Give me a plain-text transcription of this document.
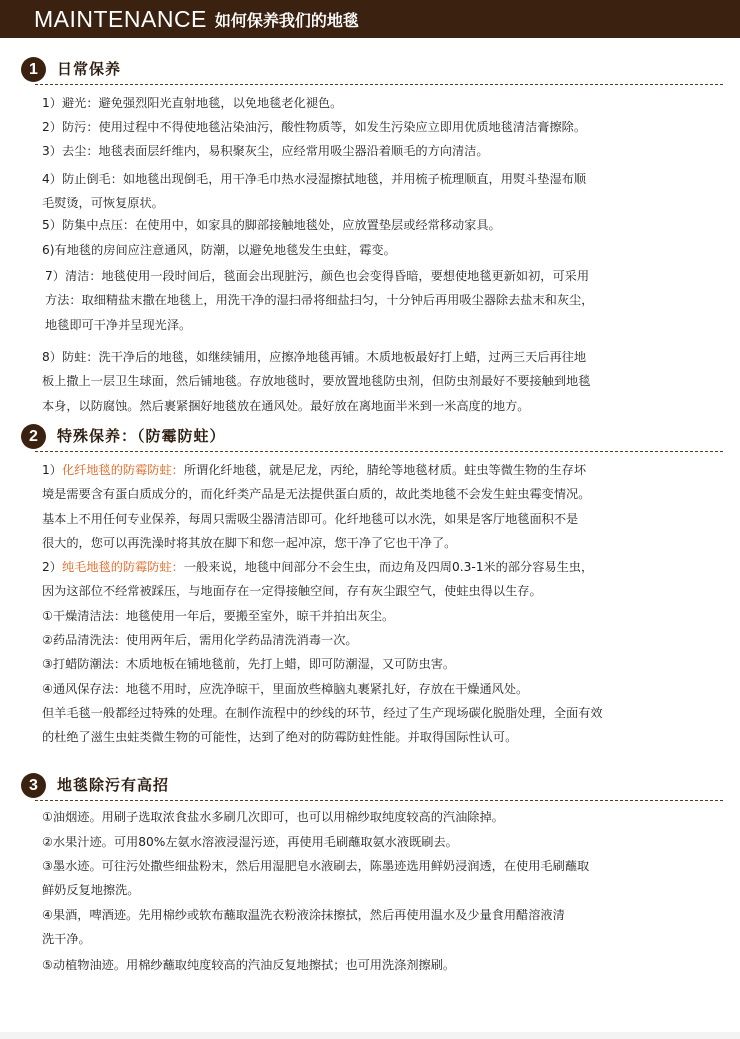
MAINTENANCE 如何保养我们的地毯
1	日常保养
1）避光：避免强烈阳光直射地毯，以免地毯老化褪色。
2）防污：使用过程中不得使地毯沾染油污，酸性物质等，如发生污染应立即用优质地毯清洁膏擦除。
3）去尘：地毯表面层纤维内，易积聚灰尘，应经常用吸尘器沿着顺毛的方向清洁。
4）防止倒毛：如地毯出现倒毛，用干净毛巾热水浸湿擦拭地毯，并用梳子梳理顺直，用熨斗垫湿布顺
毛熨烫，可恢复原状。
5）防集中点压：在使用中，如家具的脚部接触地毯处，应放置垫层或经常移动家具。
6)有地毯的房间应注意通风，防潮，以避免地毯发生虫蛀，霉变。
7）清洁：地毯使用一段时间后，毯面会出现脏污，颜色也会变得昏暗，要想使地毯更新如初，可采用
方法：取细精盐末撒在地毯上，用洗干净的湿扫帚将细盐扫匀，十分钟后再用吸尘器除去盐末和灰尘，
地毯即可干净并呈现光泽。
8）防蛀：洗干净后的地毯，如继续铺用，应擦净地毯再铺。木质地板最好打上蜡，过两三天后再往地
板上撒上一层卫生球面，然后铺地毯。存放地毯时，要放置地毯防虫剂，但防虫剂最好不要接触到地毯
本身，以防腐蚀。然后裹紧捆好地毯放在通风处。最好放在离地面半米到一米高度的地方。
2	特殊保养：（防霉防蛀）
1）化纤地毯的防霉防蛀：所谓化纤地毯，就是尼龙，丙纶，腈纶等地毯材质。蛀虫等微生物的生存坏
境是需要含有蛋白质成分的，而化纤类产品是无法提供蛋白质的，故此类地毯不会发生蛀虫霉变情况。
基本上不用任何专业保养，每周只需吸尘器清洁即可。化纤地毯可以水洗，如果是客厅地毯面积不是
很大的，您可以再洗澡时将其放在脚下和您一起冲凉，您干净了它也干净了。
2）纯毛地毯的防霉防蛀：一般来说，地毯中间部分不会生虫，而边角及四周0.3-1米的部分容易生虫，
因为这部位不经常被踩压，与地面存在一定得接触空间，存有灰尘跟空气，使蛀虫得以生存。
①干燥清洁法：地毯使用一年后，要搬至室外，晾干并拍出灰尘。
②药品清洗法：使用两年后，需用化学药品清洗消毒一次。
③打蜡防潮法：木质地板在铺地毯前，先打上蜡，即可防潮湿，又可防虫害。
④通风保存法：地毯不用时，应洗净晾干，里面放些樟脑丸裹紧扎好，存放在干燥通风处。
但羊毛毯一般都经过特殊的处理。在制作流程中的纱线的环节，经过了生产现场碳化脱脂处理，全面有效
的杜绝了滋生虫蛀类微生物的可能性，达到了绝对的防霉防蛀性能。并取得国际性认可。
3	地毯除污有高招
①油烟迹。用刷子选取浓食盐水多刷几次即可，也可以用棉纱取纯度较高的汽油除掉。
②水果汁迹。可用80%左氨水溶液浸湿污迹，再使用毛刷蘸取氨水液既刷去。
③墨水迹。可往污处撒些细盐粉末，然后用湿肥皂水液刷去，陈墨迹选用鲜奶浸润透，在使用毛刷蘸取
鲜奶反复地擦洗。
④果酒，啤酒迹。先用棉纱或软布蘸取温洗衣粉液涂抹擦拭，然后再使用温水及少量食用醋溶液清
洗干净。
⑤动植物油迹。用棉纱蘸取纯度较高的汽油反复地擦拭；也可用洗涤剂擦刷。
